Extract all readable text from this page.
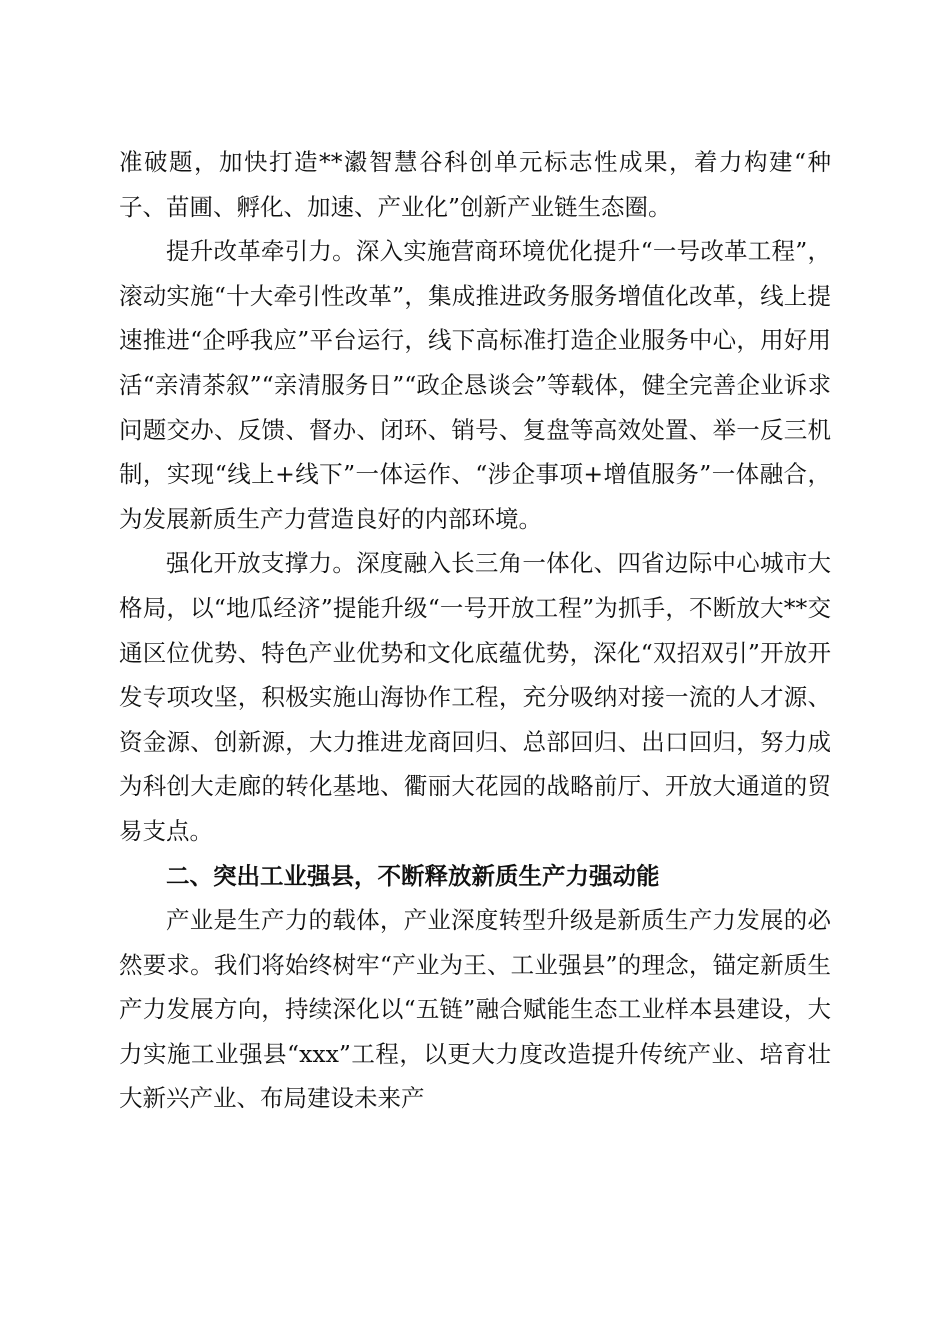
准破题，加快打造**瀫智慧谷科创单元标志性成果，着力构建“种子、苗圃、孵化、加速、产业化”创新产业链生态圈。

提升改革牵引力。深入实施营商环境优化提升“一号改革工程”，滚动实施“十大牵引性改革”，集成推进政务服务增值化改革，线上提速推进“企呼我应”平台运行，线下高标准打造企业服务中心，用好用活“亲清茶叙”“亲清服务日”“政企恳谈会”等载体，健全完善企业诉求问题交办、反馈、督办、闭环、销号、复盘等高效处置、举一反三机制，实现“线上+线下”一体运作、“涉企事项+增值服务”一体融合，为发展新质生产力营造良好的内部环境。

强化开放支撑力。深度融入长三角一体化、四省边际中心城市大格局，以“地瓜经济”提能升级“一号开放工程”为抓手，不断放大**交通区位优势、特色产业优势和文化底蕴优势，深化“双招双引”开放开发专项攻坚，积极实施山海协作工程，充分吸纳对接一流的人才源、资金源、创新源，大力推进龙商回归、总部回归、出口回归，努力成为科创大走廊的转化基地、衢丽大花园的战略前厅、开放大通道的贸易支点。

二、突出工业强县，不断释放新质生产力强动能

产业是生产力的载体，产业深度转型升级是新质生产力发展的必然要求。我们将始终树牢“产业为王、工业强县”的理念，锚定新质生产力发展方向，持续深化以“五链”融合赋能生态工业样本县建设，大力实施工业强县“xxx”工程，以更大力度改造提升传统产业、培育壮大新兴产业、布局建设未来产
